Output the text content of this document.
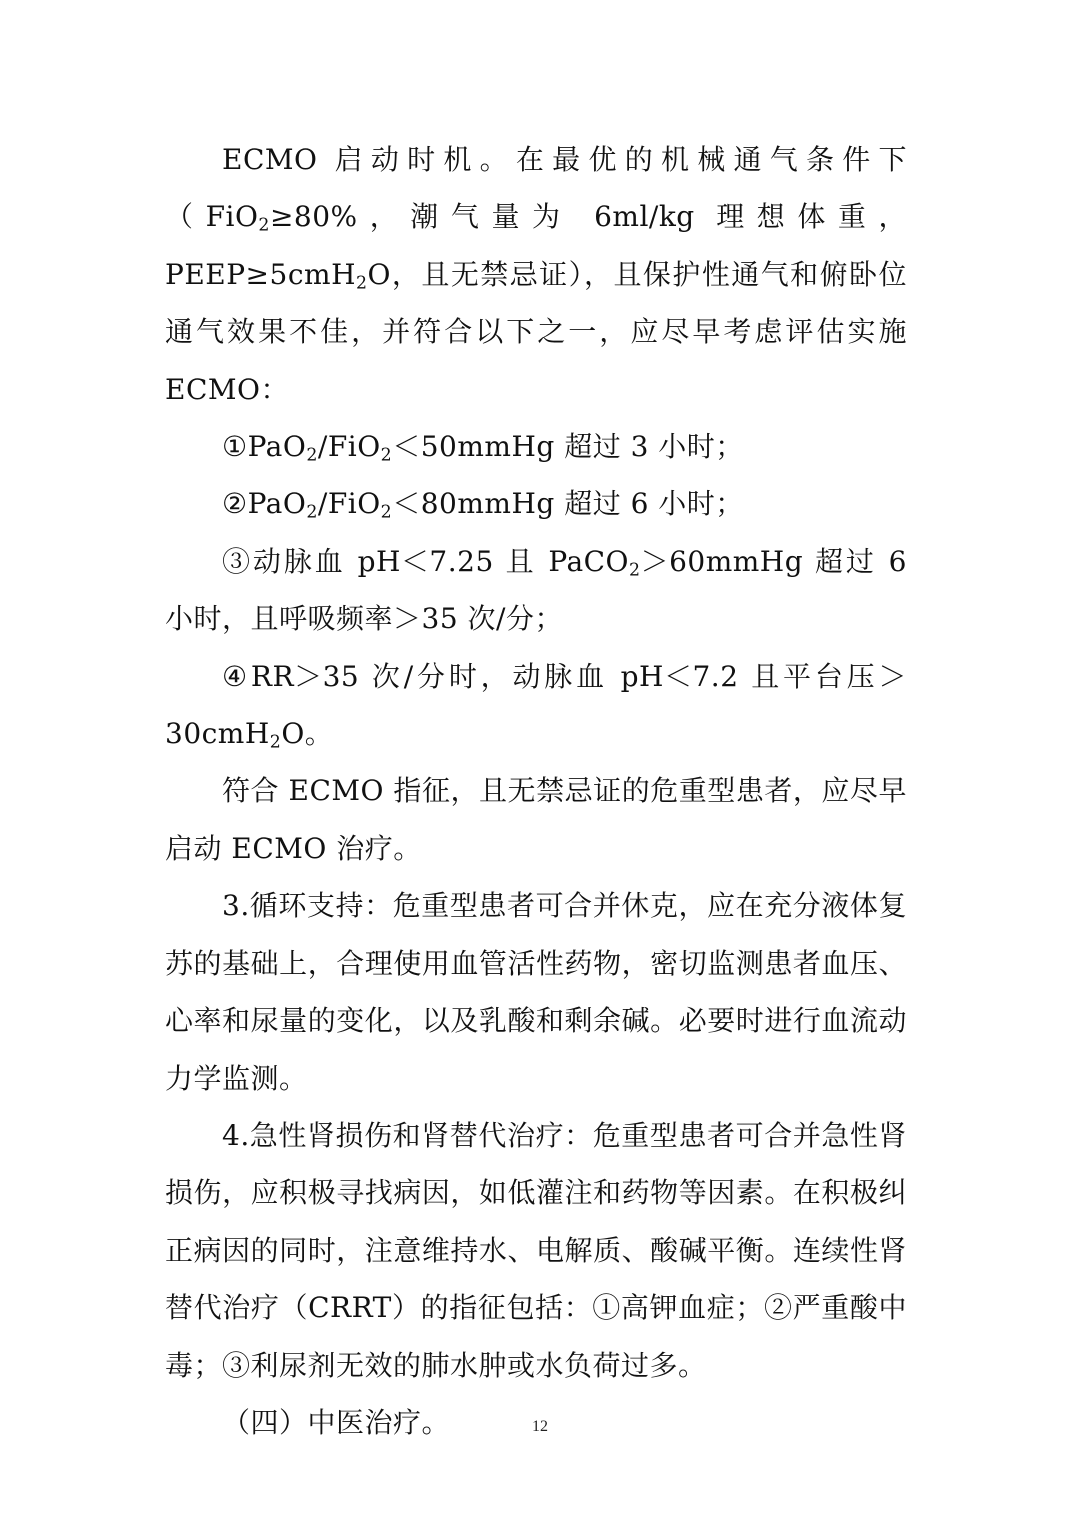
ECMO 启动时机。在最优的机械通气条件下（FiO$_2$≥80%，潮气量为 6ml/kg 理想体重，PEEP≥5cmH$_2$O，且无禁忌证），且保护性通气和俯卧位通气效果不佳，并符合以下之一，应尽早考虑评估实施 ECMO：

①PaO$_2$/FiO$_2$＜50mmHg 超过 3 小时；

②PaO$_2$/FiO$_2$＜80mmHg 超过 6 小时；

③动脉血 pH＜7.25 且 PaCO$_2$＞60mmHg 超过 6 小时，且呼吸频率＞35 次/分；

④RR＞35 次/分时，动脉血 pH＜7.2 且平台压＞30cmH$_2$O。

符合 ECMO 指征，且无禁忌证的危重型患者，应尽早启动 ECMO 治疗。

3.循环支持：危重型患者可合并休克，应在充分液体复苏的基础上，合理使用血管活性药物，密切监测患者血压、心率和尿量的变化，以及乳酸和剩余碱。必要时进行血流动力学监测。

4.急性肾损伤和肾替代治疗：危重型患者可合并急性肾损伤，应积极寻找病因，如低灌注和药物等因素。在积极纠正病因的同时，注意维持水、电解质、酸碱平衡。连续性肾替代治疗（CRRT）的指征包括：①高钾血症；②严重酸中毒；③利尿剂无效的肺水肿或水负荷过多。

（四）中医治疗。	12
